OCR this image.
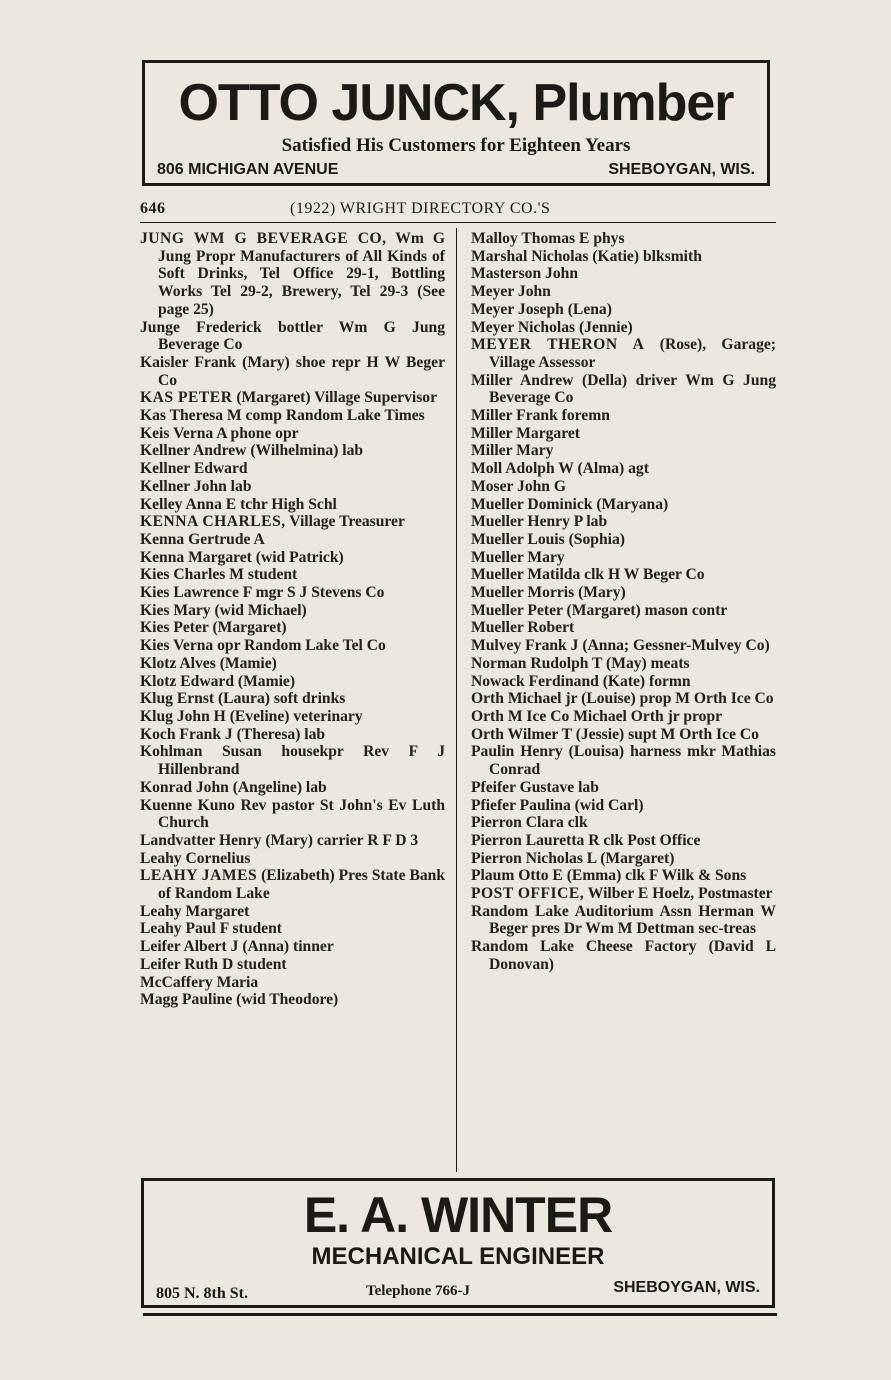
OTTO JUNCK, Plumber
Satisfied His Customers for Eighteen Years
806 MICHIGAN AVENUE	SHEBOYGAN, WIS.
646	(1922) WRIGHT DIRECTORY CO.'S

JUNG WM G BEVERAGE CO, Wm G Jung Propr Manufacturers of All Kinds of Soft Drinks, Tel Office 29-1, Bottling Works Tel 29-2, Brewery, Tel 29-3 (See page 25)

Junge Frederick bottler Wm G Jung Beverage Co

Kaisler Frank (Mary) shoe repr H W Beger Co

KAS PETER (Margaret) Village Supervisor

Kas Theresa M comp Random Lake Times

Keis Verna A phone opr

Kellner Andrew (Wilhelmina) lab

Kellner Edward

Kellner John lab

Kelley Anna E tchr High Schl

KENNA CHARLES, Village Treasurer

Kenna Gertrude A

Kenna Margaret (wid Patrick)

Kies Charles M student

Kies Lawrence F mgr S J Stevens Co

Kies Mary (wid Michael)

Kies Peter (Margaret)

Kies Verna opr Random Lake Tel Co

Klotz Alves (Mamie)

Klotz Edward (Mamie)

Klug Ernst (Laura) soft drinks

Klug John H (Eveline) veterinary

Koch Frank J (Theresa) lab

Kohlman Susan housekpr Rev F J Hillenbrand

Konrad John (Angeline) lab

Kuenne Kuno Rev pastor St John's Ev Luth Church

Landvatter Henry (Mary) carrier R F D 3

Leahy Cornelius

LEAHY JAMES (Elizabeth) Pres State Bank of Random Lake

Leahy Margaret

Leahy Paul F student

Leifer Albert J (Anna) tinner

Leifer Ruth D student

McCaffery Maria

Magg Pauline (wid Theodore)

Malloy Thomas E phys

Marshal Nicholas (Katie) blksmith

Masterson John

Meyer John

Meyer Joseph (Lena)

Meyer Nicholas (Jennie)

MEYER THERON A (Rose), Garage; Village Assessor

Miller Andrew (Della) driver Wm G Jung Beverage Co

Miller Frank foremn

Miller Margaret

Miller Mary

Moll Adolph W (Alma) agt

Moser John G

Mueller Dominick (Maryana)

Mueller Henry P lab

Mueller Louis (Sophia)

Mueller Mary

Mueller Matilda clk H W Beger Co

Mueller Morris (Mary)

Mueller Peter (Margaret) mason contr

Mueller Robert

Mulvey Frank J (Anna; Gessner-Mulvey Co)

Norman Rudolph T (May) meats

Nowack Ferdinand (Kate) formn

Orth Michael jr (Louise) prop M Orth Ice Co

Orth M Ice Co Michael Orth jr propr

Orth Wilmer T (Jessie) supt M Orth Ice Co

Paulin Henry (Louisa) harness mkr Mathias Conrad

Pfeifer Gustave lab

Pfiefer Paulina (wid Carl)

Pierron Clara clk

Pierron Lauretta R clk Post Office

Pierron Nicholas L (Margaret)

Plaum Otto E (Emma) clk F Wilk & Sons

POST OFFICE, Wilber E Hoelz, Postmaster

Random Lake Auditorium Assn Herman W Beger pres Dr Wm M Dettman sec-treas

Random Lake Cheese Factory (David L Donovan)

E. A. WINTER
MECHANICAL ENGINEER
805 N. 8th St.	Telephone 766-J	SHEBOYGAN, WIS.
